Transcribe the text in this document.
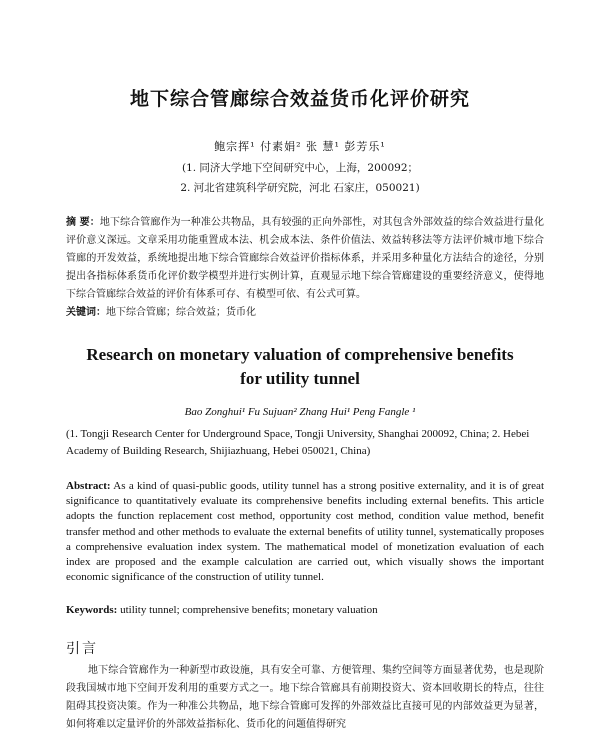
地下综合管廊综合效益货币化评价研究
鲍宗挥¹ 付素娟² 张 慧¹ 彭芳乐¹
(1. 同济大学地下空间研究中心，上海，200092；
2. 河北省建筑科学研究院，河北 石家庄，050021)
摘 要：地下综合管廊作为一种准公共物品，具有较强的正向外部性，对其包含外部效益的综合效益进行量化评价意义深远。文章采用功能重置成本法、机会成本法、条件价值法、效益转移法等方法评价城市地下综合管廊的开发效益，系统地提出地下综合管廊综合效益评价指标体系，并采用多种量化方法结合的途径，分别提出各指标体系货币化评价数学模型并进行实例计算，直观显示地下综合管廊建设的重要经济意义，使得地下综合管廊综合效益的评价有体系可存、有模型可依、有公式可算。
关键词：地下综合管廊；综合效益；货币化
Research on monetary valuation of comprehensive benefits
for utility tunnel
Bao Zonghui¹ Fu Sujuan² Zhang Hui¹ Peng Fangle ¹
(1. Tongji Research Center for Underground Space, Tongji University, Shanghai 200092, China; 2. Hebei Academy of Building Research, Shijiazhuang, Hebei 050021, China)
Abstract: As a kind of quasi-public goods, utility tunnel has a strong positive externality, and it is of great significance to quantitatively evaluate its comprehensive benefits including external benefits. This article adopts the function replacement cost method, opportunity cost method, condition value method, benefit transfer method and other methods to evaluate the external benefits of utility tunnel, systematically proposes a comprehensive evaluation index system. The mathematical model of monetization evaluation of each index are proposed and the example calculation are carried out, which visually shows the important economic significance of the construction of utility tunnel.
Keywords: utility tunnel; comprehensive benefits; monetary valuation
引言
地下综合管廊作为一种新型市政设施，具有安全可靠、方便管理、集约空间等方面显著优势，也是现阶段我国城市地下空间开发利用的重要方式之一。地下综合管廊具有前期投资大、资本回收期长的特点，往往阻碍其投资决策。作为一种准公共物品，地下综合管廊可发挥的外部效益比直接可见的内部效益更为显著，如何将难以定量评价的外部效益指标化、货币化的问题值得研究
